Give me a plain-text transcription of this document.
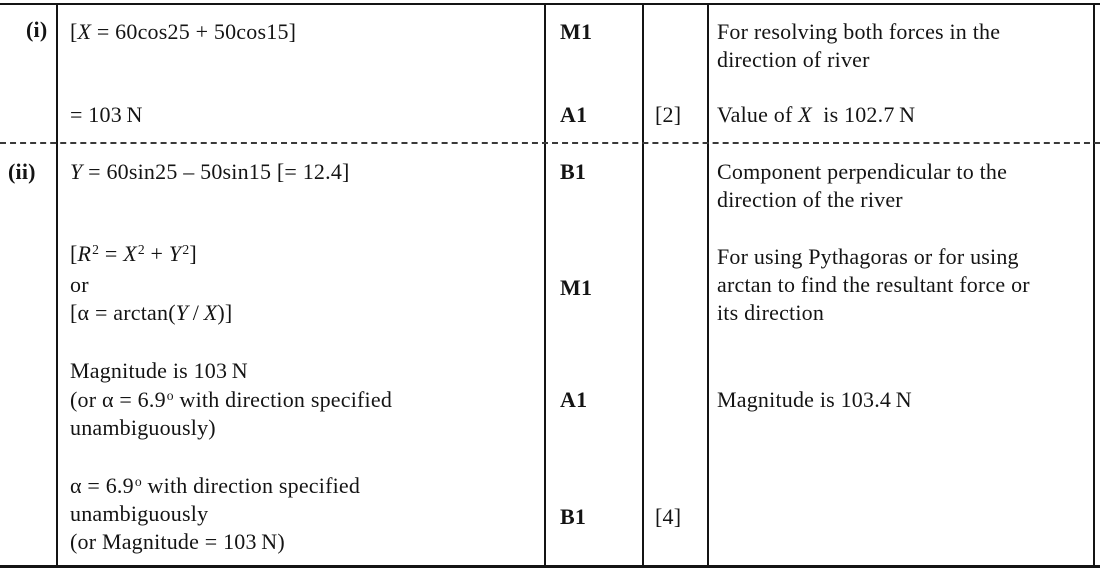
(i) [X = 60cos25 + 50cos15]
= 103 N
M1
A1	[2]
For resolving both forces in the
direction of river
Value of X  is 102.7 N
(ii) Y = 60sin25 – 50sin15 [= 12.4]
$[R^2 = X^2 + Y^2]$
or
[α = arctan(Y / X)]
Magnitude is 103 N
(or $\alpha = 6.9^o$ with direction specified
unambiguously)
$\alpha = 6.9^o$ with direction specified
unambiguously
(or Magnitude = 103 N)
B1
M1
A1
B1	[4]
Component perpendicular to the
direction of the river
For using Pythagoras or for using
arctan to find the resultant force or
its direction
Magnitude is 103.4 N
